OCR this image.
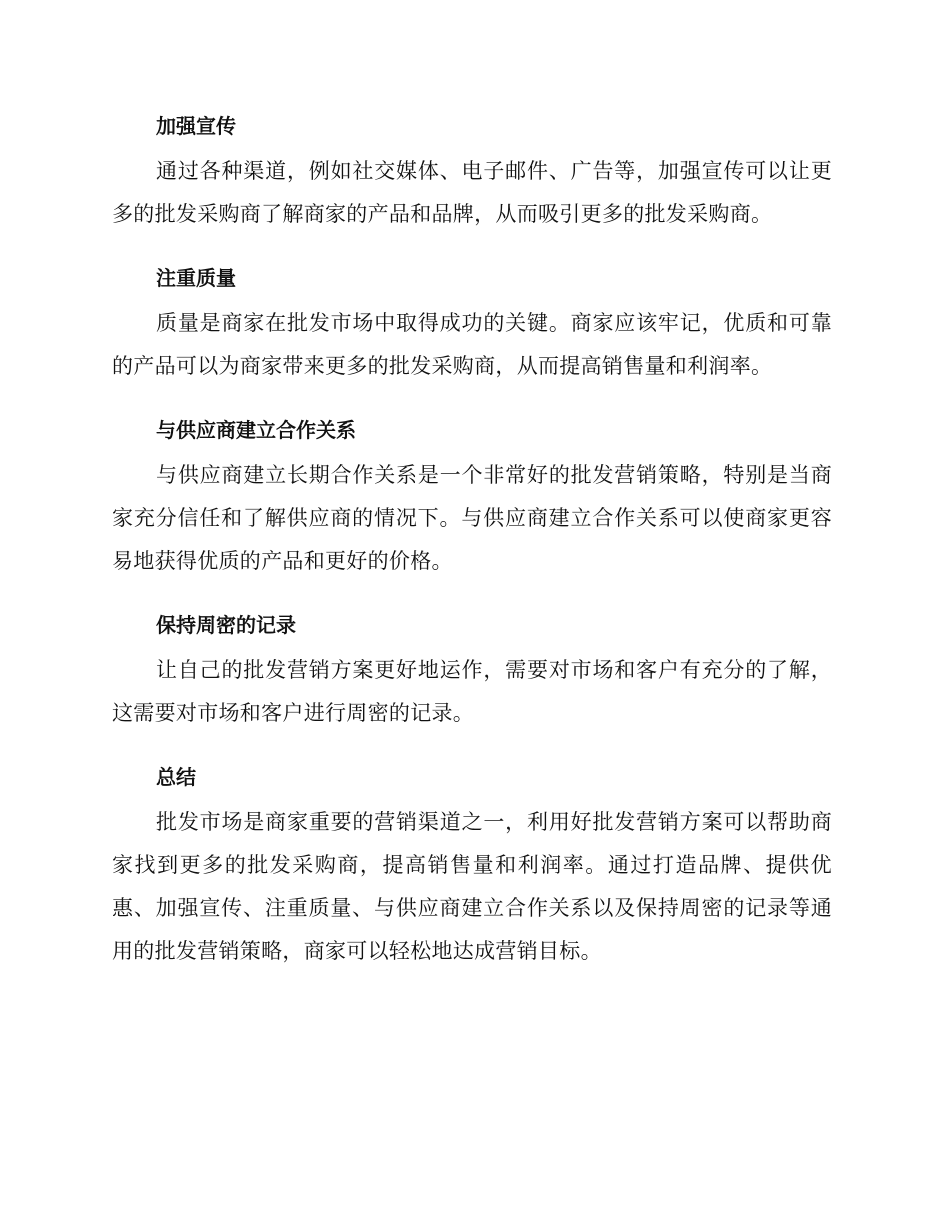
加强宣传

通过各种渠道，例如社交媒体、电子邮件、广告等，加强宣传可以让更多的批发采购商了解商家的产品和品牌，从而吸引更多的批发采购商。

注重质量

质量是商家在批发市场中取得成功的关键。商家应该牢记，优质和可靠的产品可以为商家带来更多的批发采购商，从而提高销售量和利润率。

与供应商建立合作关系

与供应商建立长期合作关系是一个非常好的批发营销策略，特别是当商家充分信任和了解供应商的情况下。与供应商建立合作关系可以使商家更容易地获得优质的产品和更好的价格。

保持周密的记录

让自己的批发营销方案更好地运作，需要对市场和客户有充分的了解，这需要对市场和客户进行周密的记录。

总结

批发市场是商家重要的营销渠道之一，利用好批发营销方案可以帮助商家找到更多的批发采购商，提高销售量和利润率。通过打造品牌、提供优惠、加强宣传、注重质量、与供应商建立合作关系以及保持周密的记录等通用的批发营销策略，商家可以轻松地达成营销目标。
